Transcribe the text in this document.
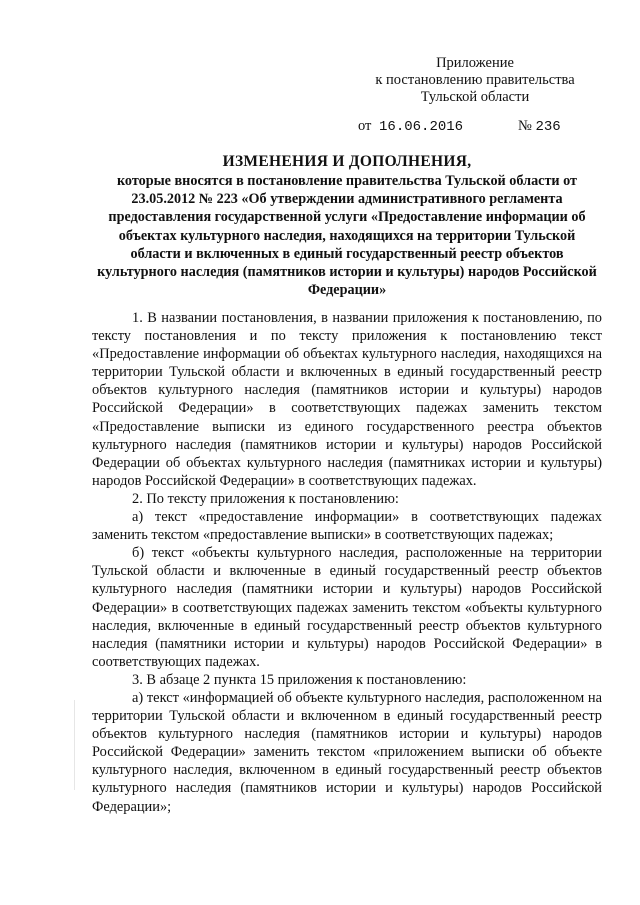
Приложение
к постановлению правительства
Тульской области
от 16.06.2016	№ 236
ИЗМЕНЕНИЯ И ДОПОЛНЕНИЯ,
которые вносятся в постановление правительства Тульской области от 23.05.2012 № 223 «Об утверждении административного регламента предоставления государственной услуги «Предоставление информации об объектах культурного наследия, находящихся на территории Тульской области и включенных в единый государственный реестр объектов культурного наследия (памятников истории и культуры) народов Российской Федерации»

1. В названии постановления, в названии приложения к постановлению, по тексту постановления и по тексту приложения к постановлению текст «Предоставление информации об объектах культурного наследия, находящихся на территории Тульской области и включенных в единый государственный реестр объектов культурного наследия (памятников истории и культуры) народов Российской Федерации» в соответствующих падежах заменить текстом «Предоставление выписки из единого государственного реестра объектов культурного наследия (памятников истории и культуры) народов Российской Федерации об объектах культурного наследия (памятниках истории и культуры) народов Российской Федерации» в соответствующих падежах.

2. По тексту приложения к постановлению:

а) текст «предоставление информации» в соответствующих падежах заменить текстом «предоставление выписки» в соответствующих падежах;

б) текст «объекты культурного наследия, расположенные на территории Тульской области и включенные в единый государственный реестр объектов культурного наследия (памятники истории и культуры) народов Российской Федерации» в соответствующих падежах заменить текстом «объекты культурного наследия, включенные в единый государственный реестр объектов культурного наследия (памятники истории и культуры) народов Российской Федерации» в соответствующих падежах.

3. В абзаце 2 пункта 15 приложения к постановлению:

а) текст «информацией об объекте культурного наследия, расположенном на территории Тульской области и включенном в единый государственный реестр объектов культурного наследия (памятников истории и культуры) народов Российской Федерации» заменить текстом «приложением выписки об объекте культурного наследия, включенном в единый государственный реестр объектов культурного наследия (памятников истории и культуры) народов Российской Федерации»;
